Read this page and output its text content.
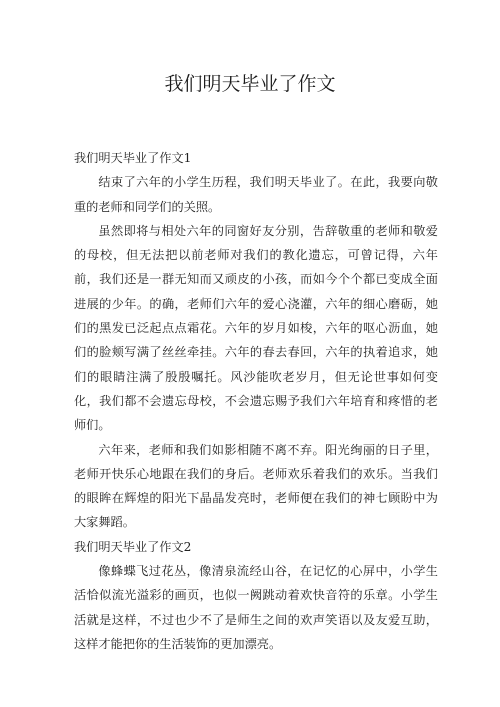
我们明天毕业了作文

我们明天毕业了作文1

结束了六年的小学生历程，我们明天毕业了。在此，我要向敬重的老师和同学们的关照。

虽然即将与相处六年的同窗好友分别，告辞敬重的老师和敬爱的母校，但无法把以前老师对我们的教化遗忘，可曾记得，六年前，我们还是一群无知而又顽皮的小孩，而如今个个都已变成全面进展的少年。的确，老师们六年的爱心浇灌，六年的细心磨砺，她们的黑发已泛起点点霜花。六年的岁月如梭，六年的呕心沥血，她们的脸颊写满了丝丝牵挂。六年的春去春回，六年的执着追求，她们的眼睛注满了殷殷嘱托。风沙能吹老岁月，但无论世事如何变化，我们都不会遗忘母校，不会遗忘赐予我们六年培育和疼惜的老师们。

六年来，老师和我们如影相随不离不弃。阳光绚丽的日子里，老师开快乐心地跟在我们的身后。老师欢乐着我们的欢乐。当我们的眼眸在辉煌的阳光下晶晶发亮时，老师便在我们的神七顾盼中为大家舞蹈。

我们明天毕业了作文2

像蜂蝶飞过花丛，像清泉流经山谷，在记忆的心屏中，小学生活恰似流光溢彩的画页，也似一阙跳动着欢快音符的乐章。小学生活就是这样，不过也少不了是师生之间的欢声笑语以及友爱互助，这样才能把你的生活装饰的更加漂亮。
